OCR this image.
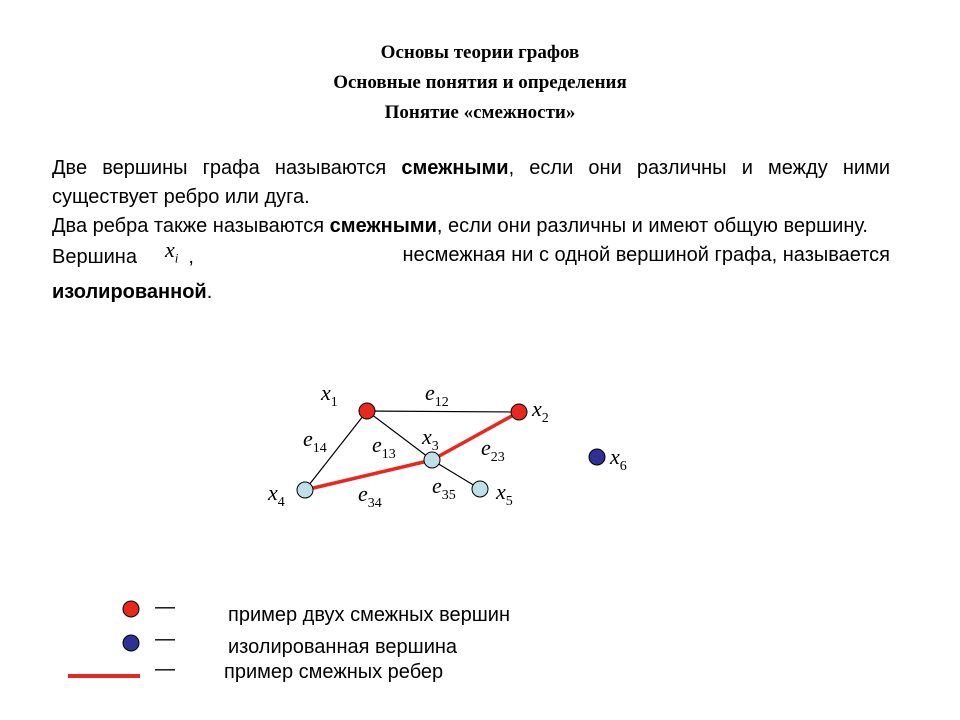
Основы теории графов
Основные понятия и определения
Понятие «смежности»

Две вершины графа называются смежными, если они различны и между ними существует ребро или дуга.

Два ребра также называются смежными, если они различны и имеют общую вершину.

Вершина $x_i$ ,	несмежная ни с одной вершиной графа, называется

изолированной.

$e_{12}$
$e_{14}$ $e_{13}$	$e_{23}$
$e_{34}$
$e_{35}$
$x_1$	$x_2$
$x_3$
$x_4$	$x_5$
$x_6$
—	пример двух смежных вершин
—	изолированная вершина
— пример смежных ребер
